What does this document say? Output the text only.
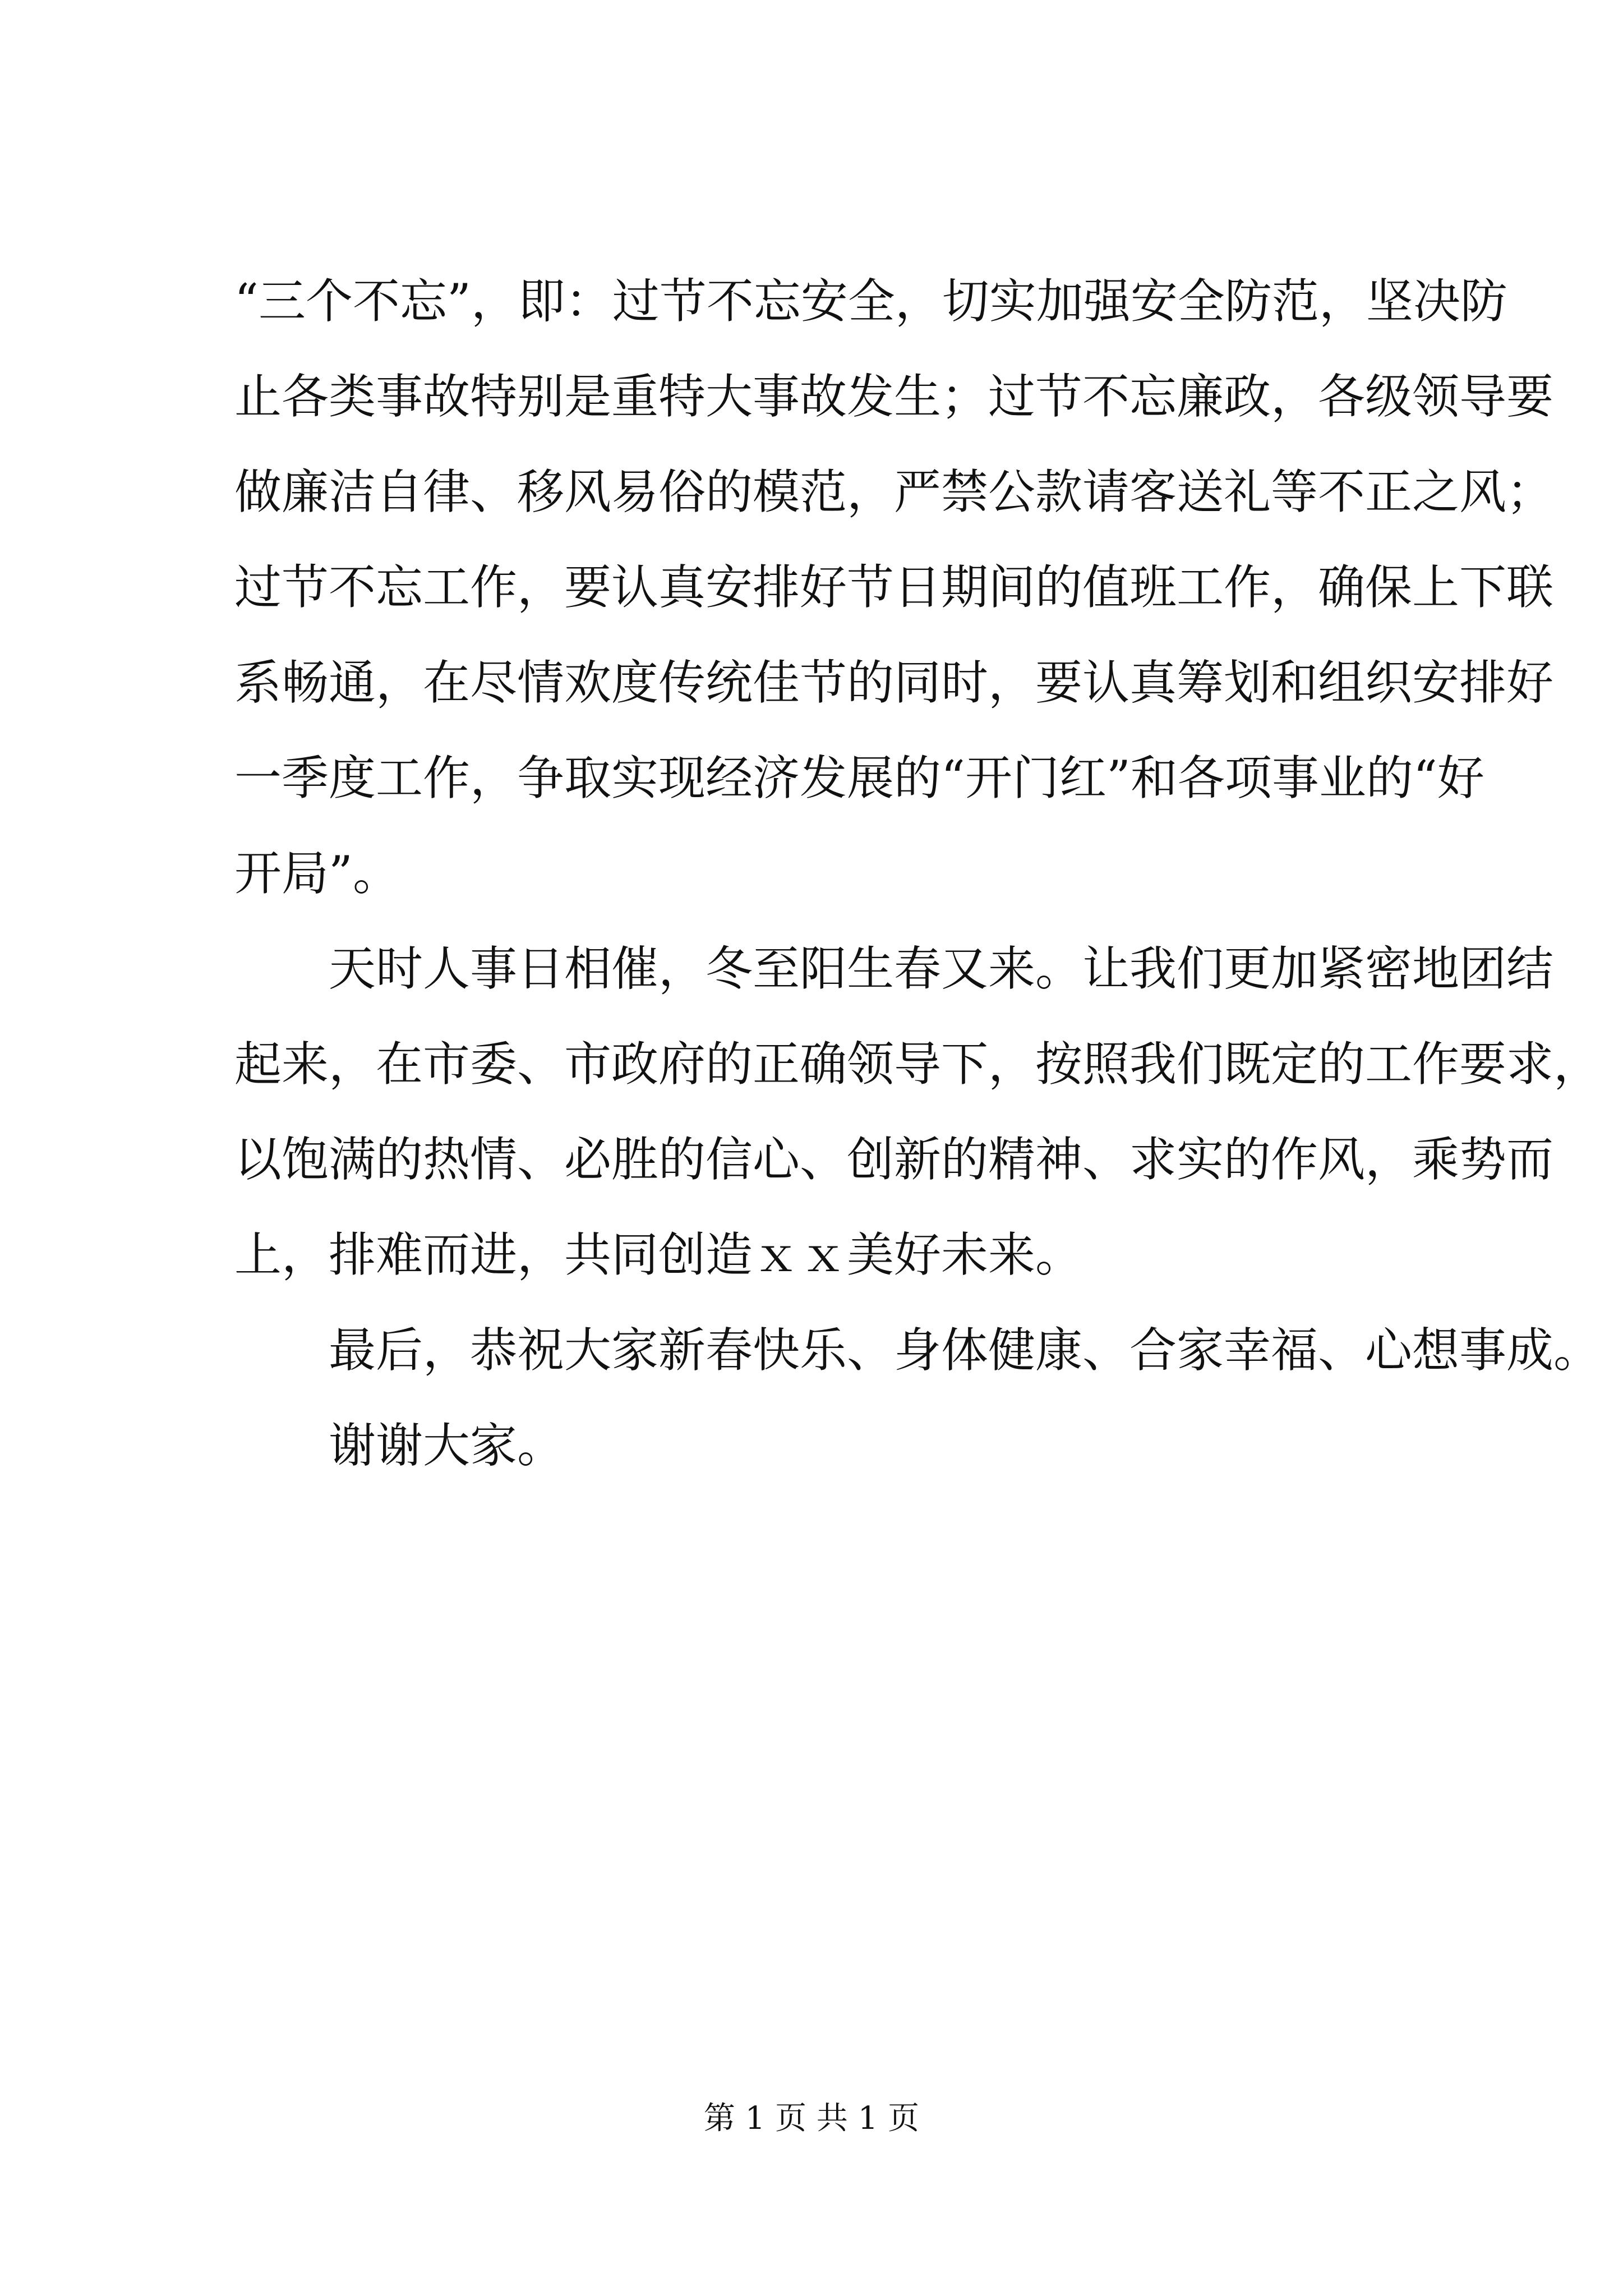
“三个不忘”，即：过节不忘安全，切实加强安全防范，坚决防
止各类事故特别是重特大事故发生；过节不忘廉政，各级领导要
做廉洁自律、移风易俗的模范，严禁公款请客送礼等不正之风；
过节不忘工作，要认真安排好节日期间的值班工作，确保上下联
系畅通，在尽情欢度传统佳节的同时，要认真筹划和组织安排好
一季度工作，争取实现经济发展的“开门红”和各项事业的“好
开局”。
天时人事日相催，冬至阳生春又来。让我们更加紧密地团结
起来，在市委、市政府的正确领导下，按照我们既定的工作要求，
以饱满的热情、必胜的信心、创新的精神、求实的作风，乘势而
上，排难而进，共同创造ｘｘ美好未来。
最后，恭祝大家新春快乐、身体健康、合家幸福、心想事成。
谢谢大家。
第 1 页 共 1 页
